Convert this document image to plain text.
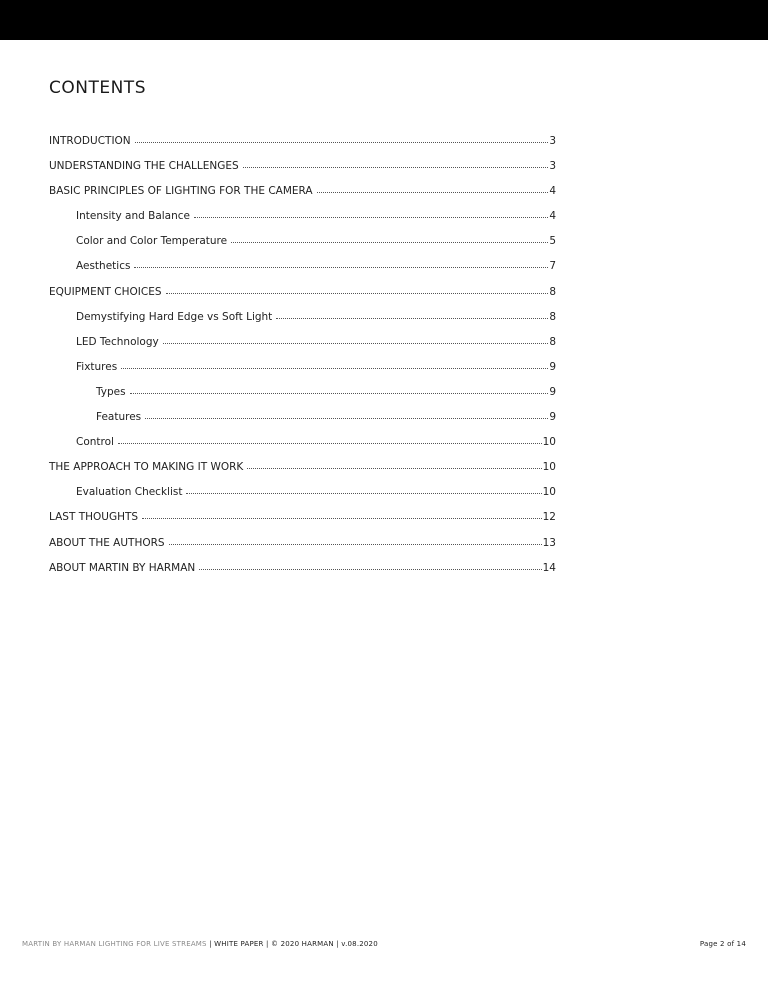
CONTENTS
INTRODUCTION	3
UNDERSTANDING THE CHALLENGES	3
BASIC PRINCIPLES OF LIGHTING FOR THE CAMERA	4
Intensity and Balance	4
Color and Color Temperature	5
Aesthetics	7
EQUIPMENT CHOICES	8
Demystifying Hard Edge vs Soft Light	8
LED Technology	8
Fixtures	9
Types	9
Features	9
Control	10
THE APPROACH TO MAKING IT WORK	10
Evaluation Checklist	10
LAST THOUGHTS	12
ABOUT THE AUTHORS	13
ABOUT MARTIN BY HARMAN	14
MARTIN BY HARMAN LIGHTING FOR LIVE STREAMS | WHITE PAPER | © 2020 HARMAN | v.08.2020	Page 2 of 14
